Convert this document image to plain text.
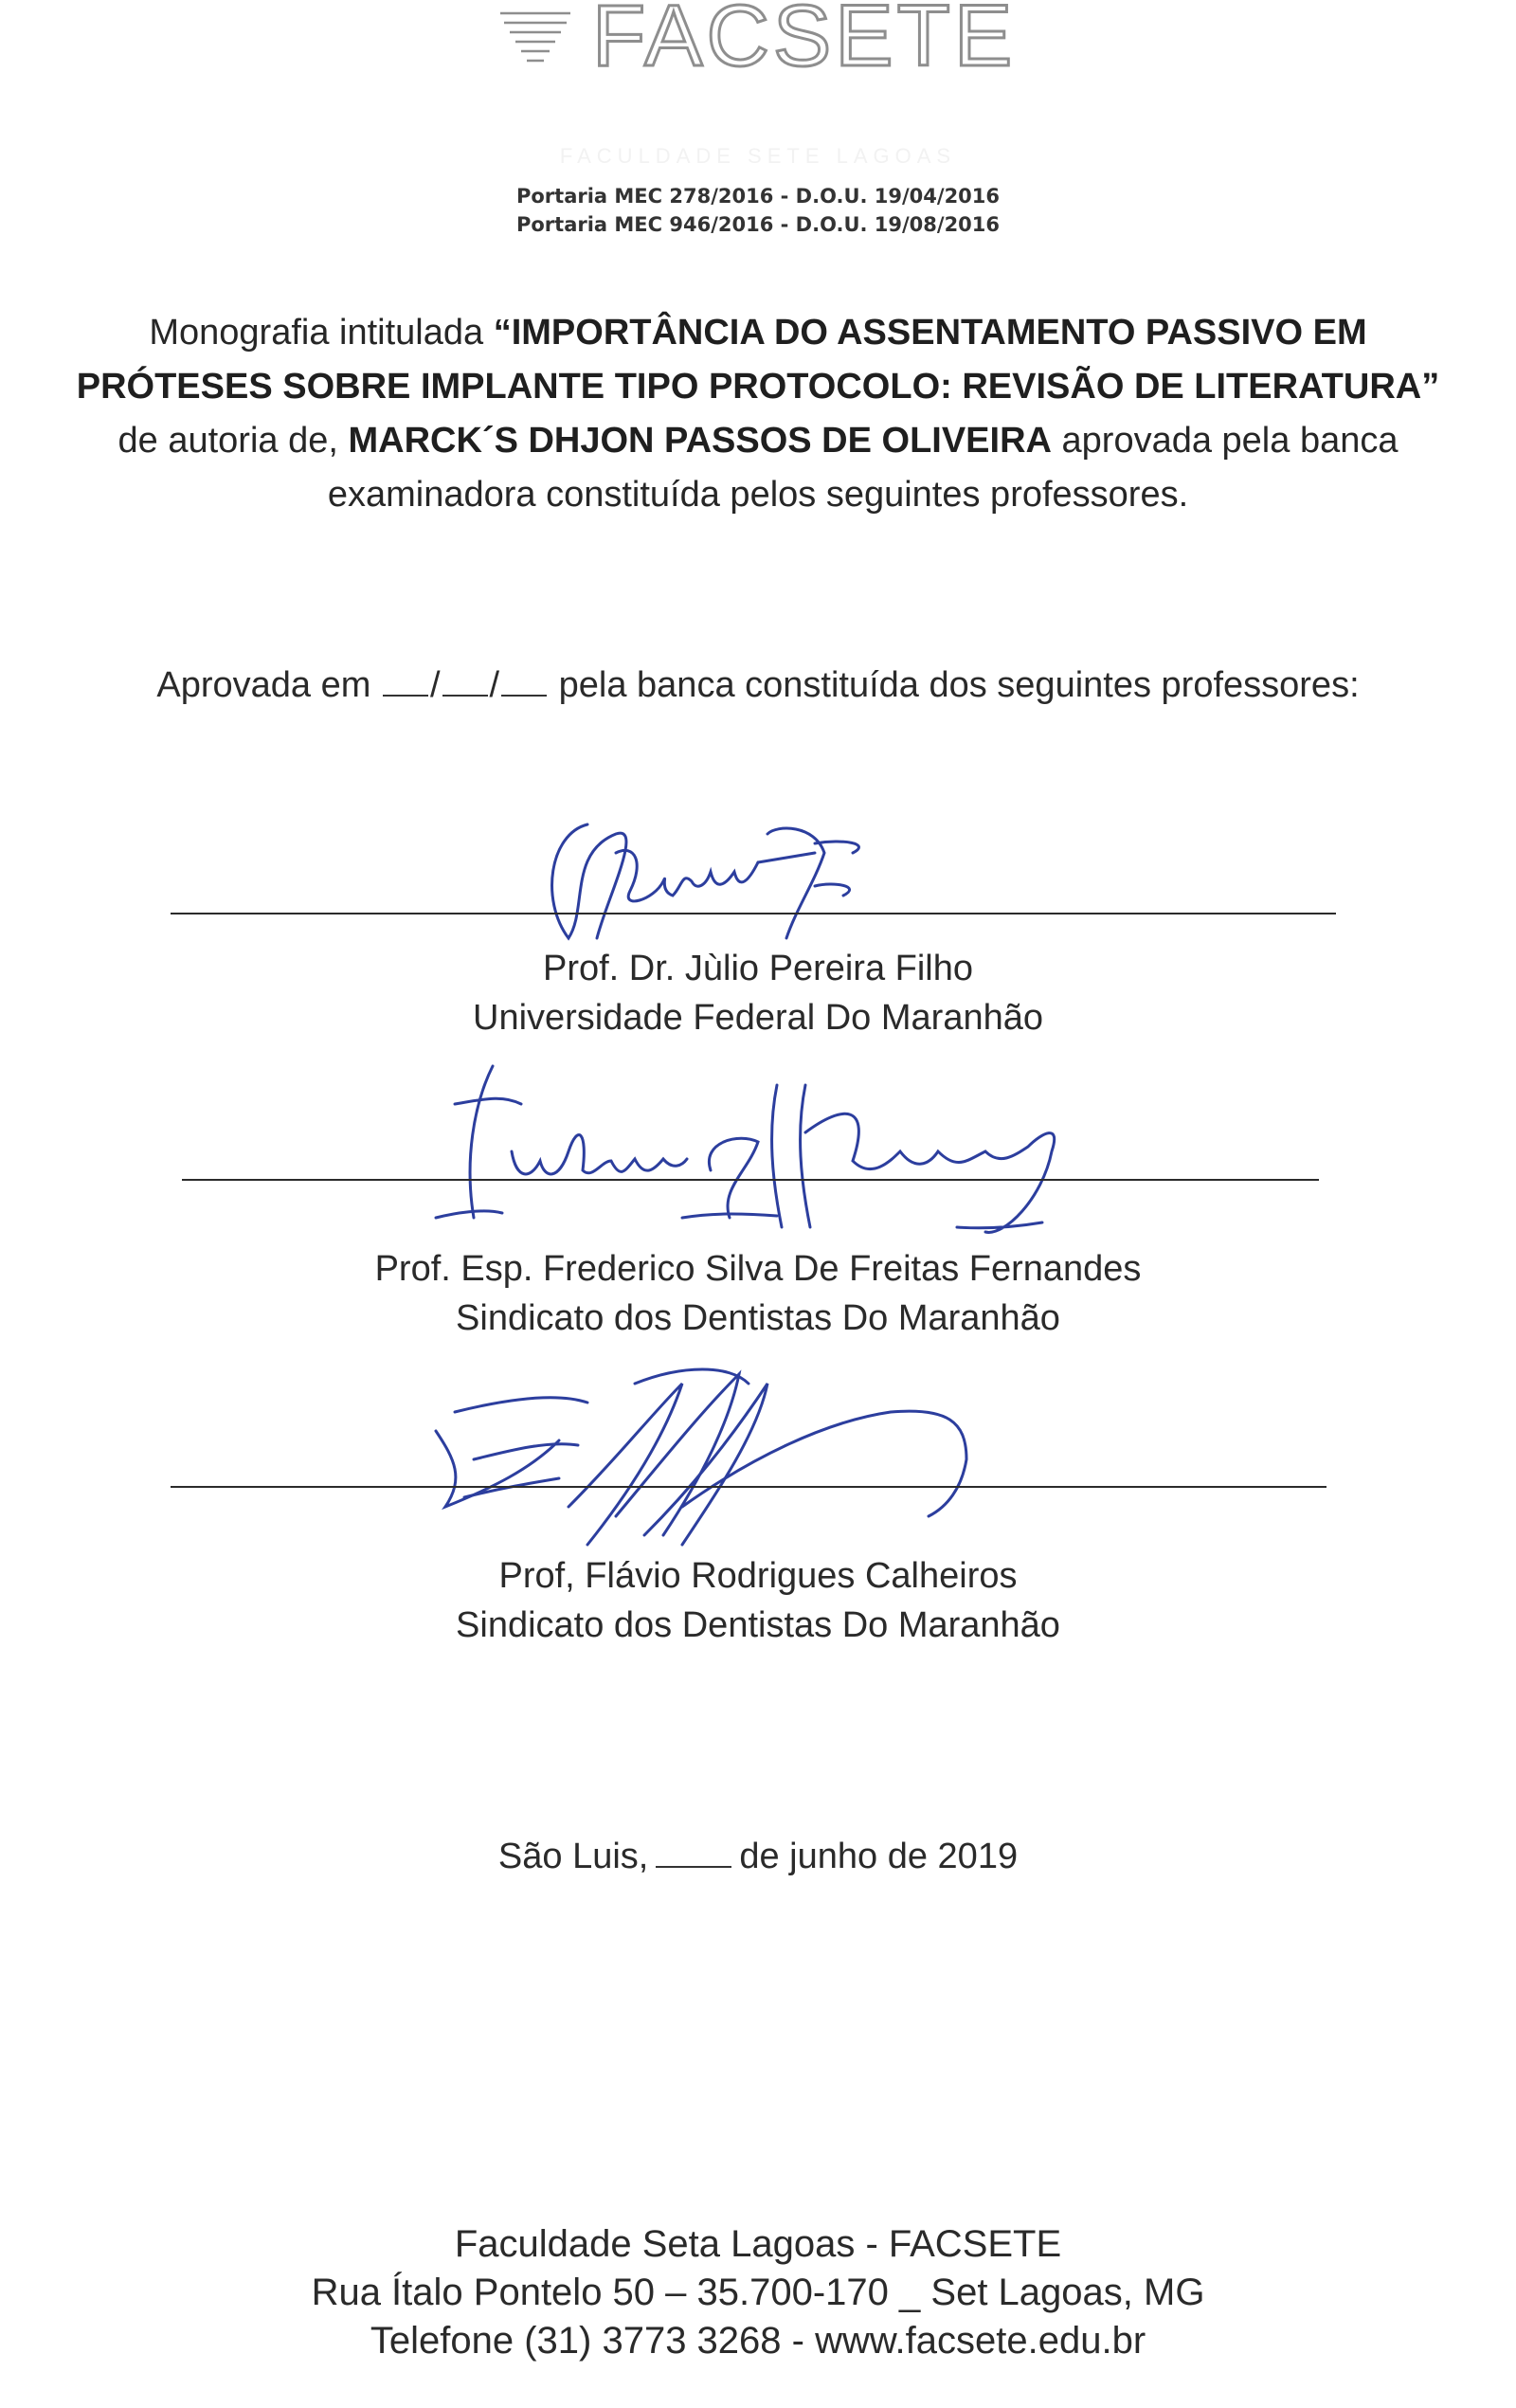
FACSETE
FACULDADE SETE LAGOAS
Portaria MEC 278/2016 - D.O.U. 19/04/2016
Portaria MEC 946/2016 - D.O.U. 19/08/2016
Monografia intitulada “IMPORTÂNCIA DO ASSENTAMENTO PASSIVO EM
PRÓTESES SOBRE IMPLANTE TIPO PROTOCOLO: REVISÃO DE LITERATURA”
de autoria de, MARCK´S DHJON PASSOS DE OLIVEIRA aprovada pela banca
examinadora constituída pelos seguintes professores.
Aprovada em / / pela banca constituída dos seguintes professores:
Prof. Dr. Jùlio Pereira Filho
Universidade Federal Do Maranhão
Prof. Esp. Frederico Silva De Freitas Fernandes
Sindicato dos Dentistas Do Maranhão
Prof, Flávio Rodrigues Calheiros
Sindicato dos Dentistas Do Maranhão
São Luis,	de junho de 2019
Faculdade Seta Lagoas - FACSETE
Rua Ítalo Pontelo 50 – 35.700-170 _ Set Lagoas, MG
Telefone (31) 3773 3268 - www.facsete.edu.br
